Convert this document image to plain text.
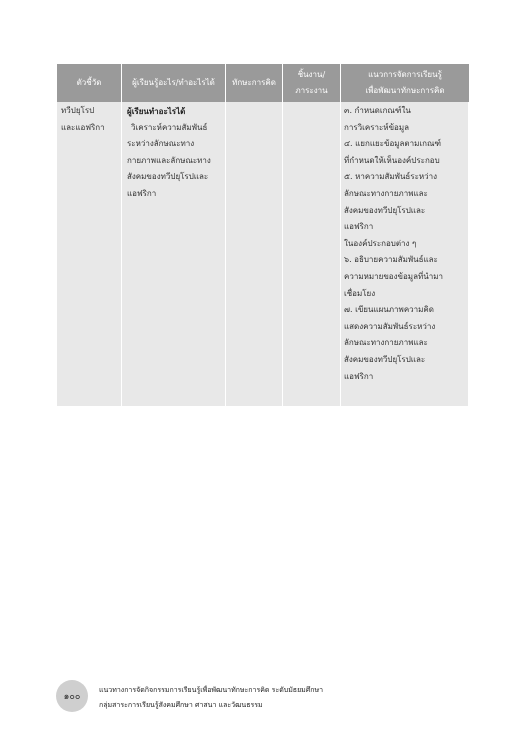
ตัวชี้วัด	ผู้เรียนรู้อะไร/ทำอะไรได้	ทักษะการคิด
ชิ้นงาน/
ภาระงาน
แนวการจัดการเรียนรู้
เพื่อพัฒนาทักษะการคิด
ทวีปยุโรป
และแอฟริกา
ผู้เรียนทำอะไรได้
วิเคราะห์ความสัมพันธ์
ระหว่างลักษณะทาง
กายภาพและลักษณะทาง
สังคมของทวีปยุโรปและ
แอฟริกา
๓. กำหนดเกณฑ์ใน
การวิเคราะห์ข้อมูล
๔. แยกแยะข้อมูลตามเกณฑ์
ที่กำหนดให้เห็นองค์ประกอบ
๕. หาความสัมพันธ์ระหว่าง
ลักษณะทางกายภาพและ
สังคมของทวีปยุโรปและ
แอฟริกา
ในองค์ประกอบต่าง ๆ
๖. อธิบายความสัมพันธ์และ
ความหมายของข้อมูลที่นำมา
เชื่อมโยง
๗. เขียนแผนภาพความคิด
แสดงความสัมพันธ์ระหว่าง
ลักษณะทางกายภาพและ
สังคมของทวีปยุโรปและ
แอฟริกา
๑๐๐
แนวทางการจัดกิจกรรมการเรียนรู้เพื่อพัฒนาทักษะการคิด ระดับมัธยมศึกษา
กลุ่มสาระการเรียนรู้สังคมศึกษา ศาสนา และวัฒนธรรม
